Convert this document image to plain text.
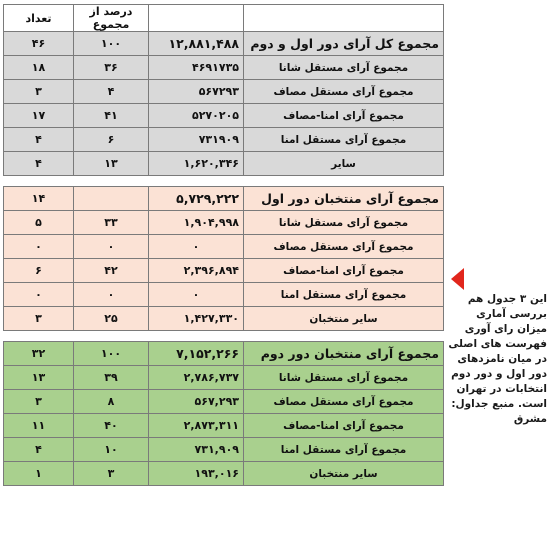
		درصد از مجموع	تعداد
مجموع کل آرای دور اول و دوم	۱۲,۸۸۱,۴۸۸	۱۰۰	۴۶
مجموع آرای مستقل شانا	۴۶۹۱۷۳۵	۳۶	۱۸
مجموع آرای مستقل مصاف	۵۶۷۲۹۳	۴	۳
مجموع آرای امنا-مصاف	۵۲۷۰۲۰۵	۴۱	۱۷
مجموع آرای مستقل امنا	۷۳۱۹۰۹	۶	۴
سایر	۱,۶۲۰,۳۴۶	۱۳	۴
مجموع آرای منتخبان دور اول	۵,۷۲۹,۲۲۲		۱۴
مجموع آرای مستقل شانا	۱,۹۰۴,۹۹۸	۳۳	۵
مجموع آرای مستقل مصاف	۰	۰	۰
مجموع آرای امنا-مصاف	۲,۳۹۶,۸۹۴	۴۲	۶
مجموع آرای مستقل امنا	۰	۰	۰
سایر منتخبان	۱,۴۲۷,۳۳۰	۲۵	۳
مجموع آرای منتخبان دور دوم	۷,۱۵۲,۲۶۶	۱۰۰	۳۲
مجموع آرای مستقل شانا	۲,۷۸۶,۷۳۷	۳۹	۱۳
مجموع آرای مستقل مصاف	۵۶۷,۲۹۳	۸	۳
مجموع آرای امنا-مصاف	۲,۸۷۳,۳۱۱	۴۰	۱۱
مجموع آرای مستقل امنا	۷۳۱,۹۰۹	۱۰	۴
سایر منتخبان	۱۹۳,۰۱۶	۳	۱
این ۳ جدول هم بررسی آماری میزان رای آوری فهرست های اصلی در میان نامزدهای دور اول و دور دوم انتخابات در تهران است. منبع جداول: مشرق
